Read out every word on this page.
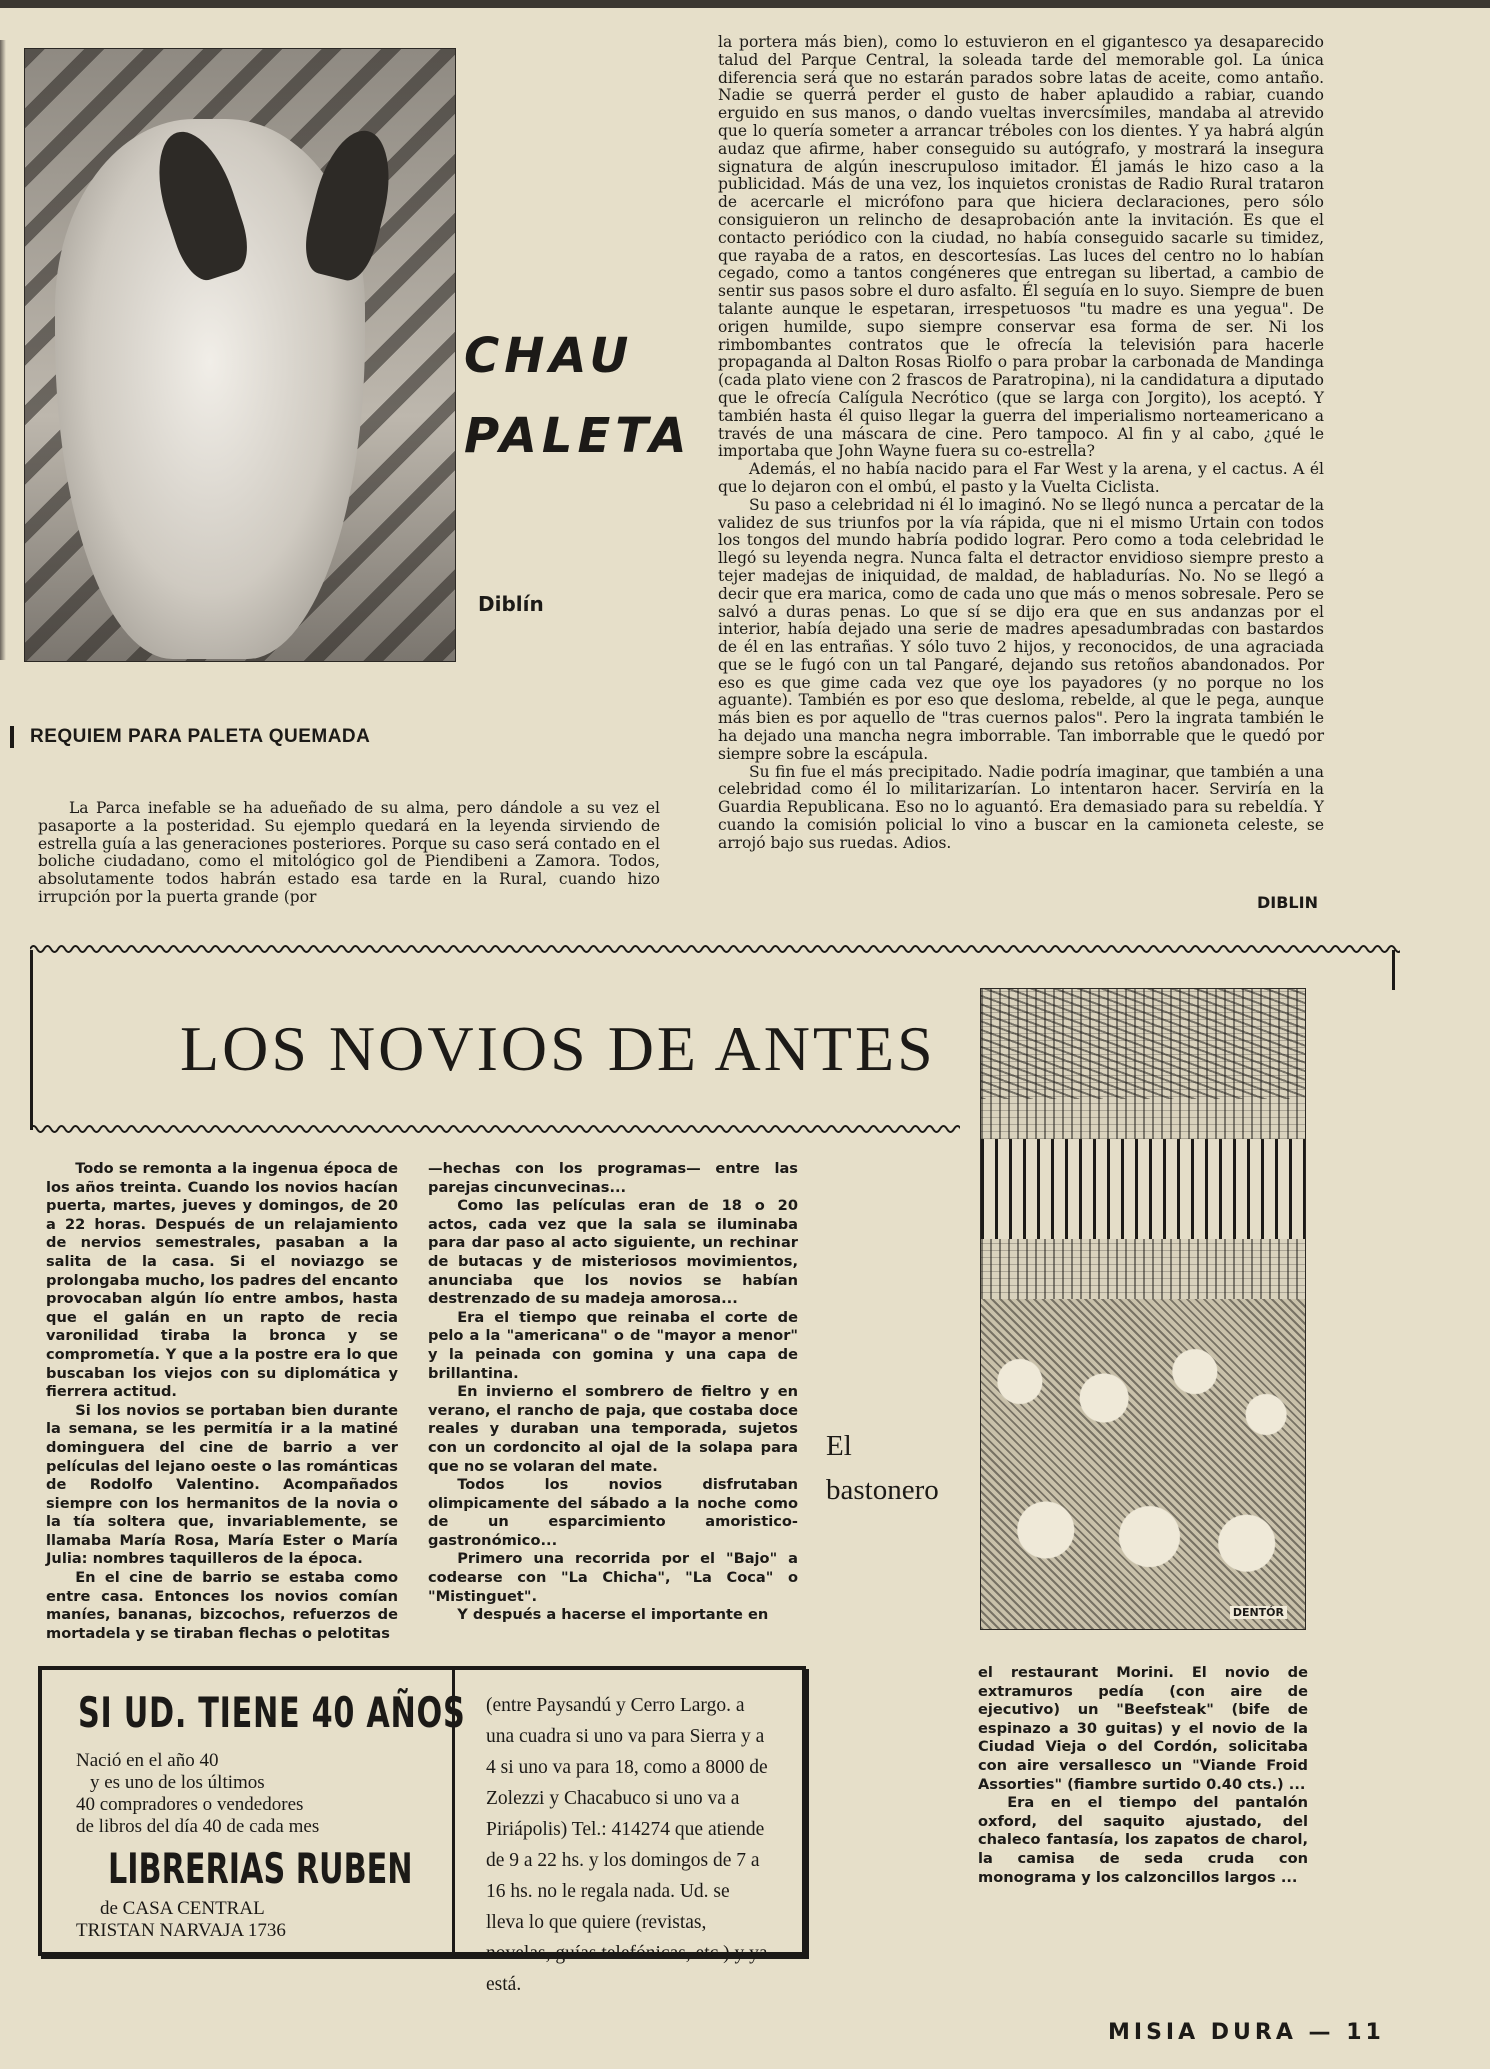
CHAU
PALETA
Diblín
REQUIEM PARA PALETA QUEMADA

La Parca inefable se ha adueñado de su alma, pero dándole a su vez el pasaporte a la posteridad. Su ejemplo quedará en la leyenda sirviendo de estrella guía a las generaciones posteriores. Porque su caso será contado en el boliche ciudadano, como el mitológico gol de Piendibeni a Zamora. Todos, absolutamente todos habrán estado esa tarde en la Rural, cuando hizo irrupción por la puerta grande (por

la portera más bien), como lo estuvieron en el gigantesco ya desaparecido talud del Parque Central, la soleada tarde del memorable gol. La única diferencia será que no estarán parados sobre latas de aceite, como antaño. Nadie se querrá perder el gusto de haber aplaudido a rabiar, cuando erguido en sus manos, o dando vueltas invercsímiles, mandaba al atrevido que lo quería someter a arrancar tréboles con los dientes. Y ya habrá algún audaz que afirme, haber conseguido su autógrafo, y mostrará la insegura signatura de algún inescrupuloso imitador. Él jamás le hizo caso a la publicidad. Más de una vez, los inquietos cronistas de Radio Rural trataron de acercarle el micrófono para que hiciera declaraciones, pero sólo consiguieron un relincho de desaprobación ante la invitación. Es que el contacto periódico con la ciudad, no había conseguido sacarle su timidez, que rayaba de a ratos, en descortesías. Las luces del centro no lo habían cegado, como a tantos congéneres que entregan su libertad, a cambio de sentir sus pasos sobre el duro asfalto. Él seguía en lo suyo. Siempre de buen talante aunque le espetaran, irrespetuosos "tu madre es una yegua". De origen humilde, supo siempre conservar esa forma de ser. Ni los rimbombantes contratos que le ofrecía la televisión para hacerle propaganda al Dalton Rosas Riolfo o para probar la carbonada de Mandinga (cada plato viene con 2 frascos de Paratropina), ni la candidatura a diputado que le ofrecía Calígula Necrótico (que se larga con Jorgito), los aceptó. Y también hasta él quiso llegar la guerra del imperialismo norteamericano a través de una máscara de cine. Pero tampoco. Al fin y al cabo, ¿qué le importaba que John Wayne fuera su co-estrella?

Además, el no había nacido para el Far West y la arena, y el cactus. A él que lo dejaron con el ombú, el pasto y la Vuelta Ciclista.

Su paso a celebridad ni él lo imaginó. No se llegó nunca a percatar de la validez de sus triunfos por la vía rápida, que ni el mismo Urtain con todos los tongos del mundo habría podido lograr. Pero como a toda celebridad le llegó su leyenda negra. Nunca falta el detractor envidioso siempre presto a tejer madejas de iniquidad, de maldad, de habladurías. No. No se llegó a decir que era marica, como de cada uno que más o menos sobresale. Pero se salvó a duras penas. Lo que sí se dijo era que en sus andanzas por el interior, había dejado una serie de madres apesadumbradas con bastardos de él en las entrañas. Y sólo tuvo 2 hijos, y reconocidos, de una agraciada que se le fugó con un tal Pangaré, dejando sus retoños abandonados. Por eso es que gime cada vez que oye los payadores (y no porque no los aguante). También es por eso que desloma, rebelde, al que le pega, aunque más bien es por aquello de "tras cuernos palos". Pero la ingrata también le ha dejado una mancha negra imborrable. Tan imborrable que le quedó por siempre sobre la escápula.

Su fin fue el más precipitado. Nadie podría imaginar, que también a una celebridad como él lo militarizarían. Lo intentaron hacer. Serviría en la Guardia Republicana. Eso no lo aguantó. Era demasiado para su rebeldía. Y cuando la comisión policial lo vino a buscar en la camioneta celeste, se arrojó bajo sus ruedas. Adios.

DIBLIN
LOS NOVIOS DE ANTES
DENTÓR
El
bastonero

Todo se remonta a la ingenua época de los años treinta. Cuando los novios hacían puerta, martes, jueves y domingos, de 20 a 22 horas. Después de un relajamiento de nervios semestrales, pasaban a la salita de la casa. Si el noviazgo se prolongaba mucho, los padres del encanto provocaban algún lío entre ambos, hasta que el galán en un rapto de recia varonilidad tiraba la bronca y se comprometía. Y que a la postre era lo que buscaban los viejos con su diplomática y fierrera actitud.

Si los novios se portaban bien durante la semana, se les permitía ir a la matiné dominguera del cine de barrio a ver películas del lejano oeste o las románticas de Rodolfo Valentino. Acompañados siempre con los hermanitos de la novia o la tía soltera que, invariablemente, se llamaba María Rosa, María Ester o María Julia: nombres taquilleros de la época.

En el cine de barrio se estaba como entre casa. Entonces los novios comían maníes, bananas, bizcochos, refuerzos de mortadela y se tiraban flechas o pelotitas

—hechas con los programas— entre las parejas cincunvecinas...

Como las películas eran de 18 o 20 actos, cada vez que la sala se iluminaba para dar paso al acto siguiente, un rechinar de butacas y de misteriosos movimientos, anunciaba que los novios se habían destrenzado de su madeja amorosa...

Era el tiempo que reinaba el corte de pelo a la "americana" o de "mayor a menor" y la peinada con gomina y una capa de brillantina.

En invierno el sombrero de fieltro y en verano, el rancho de paja, que costaba doce reales y duraban una temporada, sujetos con un cordoncito al ojal de la solapa para que no se volaran del mate.

Todos los novios disfrutaban olimpicamente del sábado a la noche como de un esparcimiento amoristico-gastronómico...

Primero una recorrida por el "Bajo" a codearse con "La Chicha", "La Coca" o "Mistinguet".

Y después a hacerse el importante en

el restaurant Morini. El novio de extramuros pedía (con aire de ejecutivo) un "Beefsteak" (bife de espinazo a 30 guitas) y el novio de la Ciudad Vieja o del Cordón, solicitaba con aire versallesco un "Viande Froid Assorties" (fiambre surtido 0.40 cts.) ...

Era en el tiempo del pantalón oxford, del saquito ajustado, del chaleco fantasía, los zapatos de charol, la camisa de seda cruda con monograma y los calzoncillos largos ...

SI UD. TIENE 40 AÑOS
Nació en el año 40
y es uno de los últimos
40 compradores o vendedores
de libros del día 40 de cada mes
LIBRERIAS RUBEN
de CASA CENTRAL
TRISTAN NARVAJA 1736
(entre Paysandú y Cerro Largo. a una cuadra si uno va para Sierra y a 4 si uno va para 18, como a 8000 de Zolezzi y Chacabuco si uno va a Piriápolis) Tel.: 414274 que atiende de 9 a 22 hs. y los domingos de 7 a 16 hs. no le regala nada. Ud. se lleva lo que quiere (revistas, novelas, guías telefónicas, etc.) y ya está.
MISIA DURA — 11
